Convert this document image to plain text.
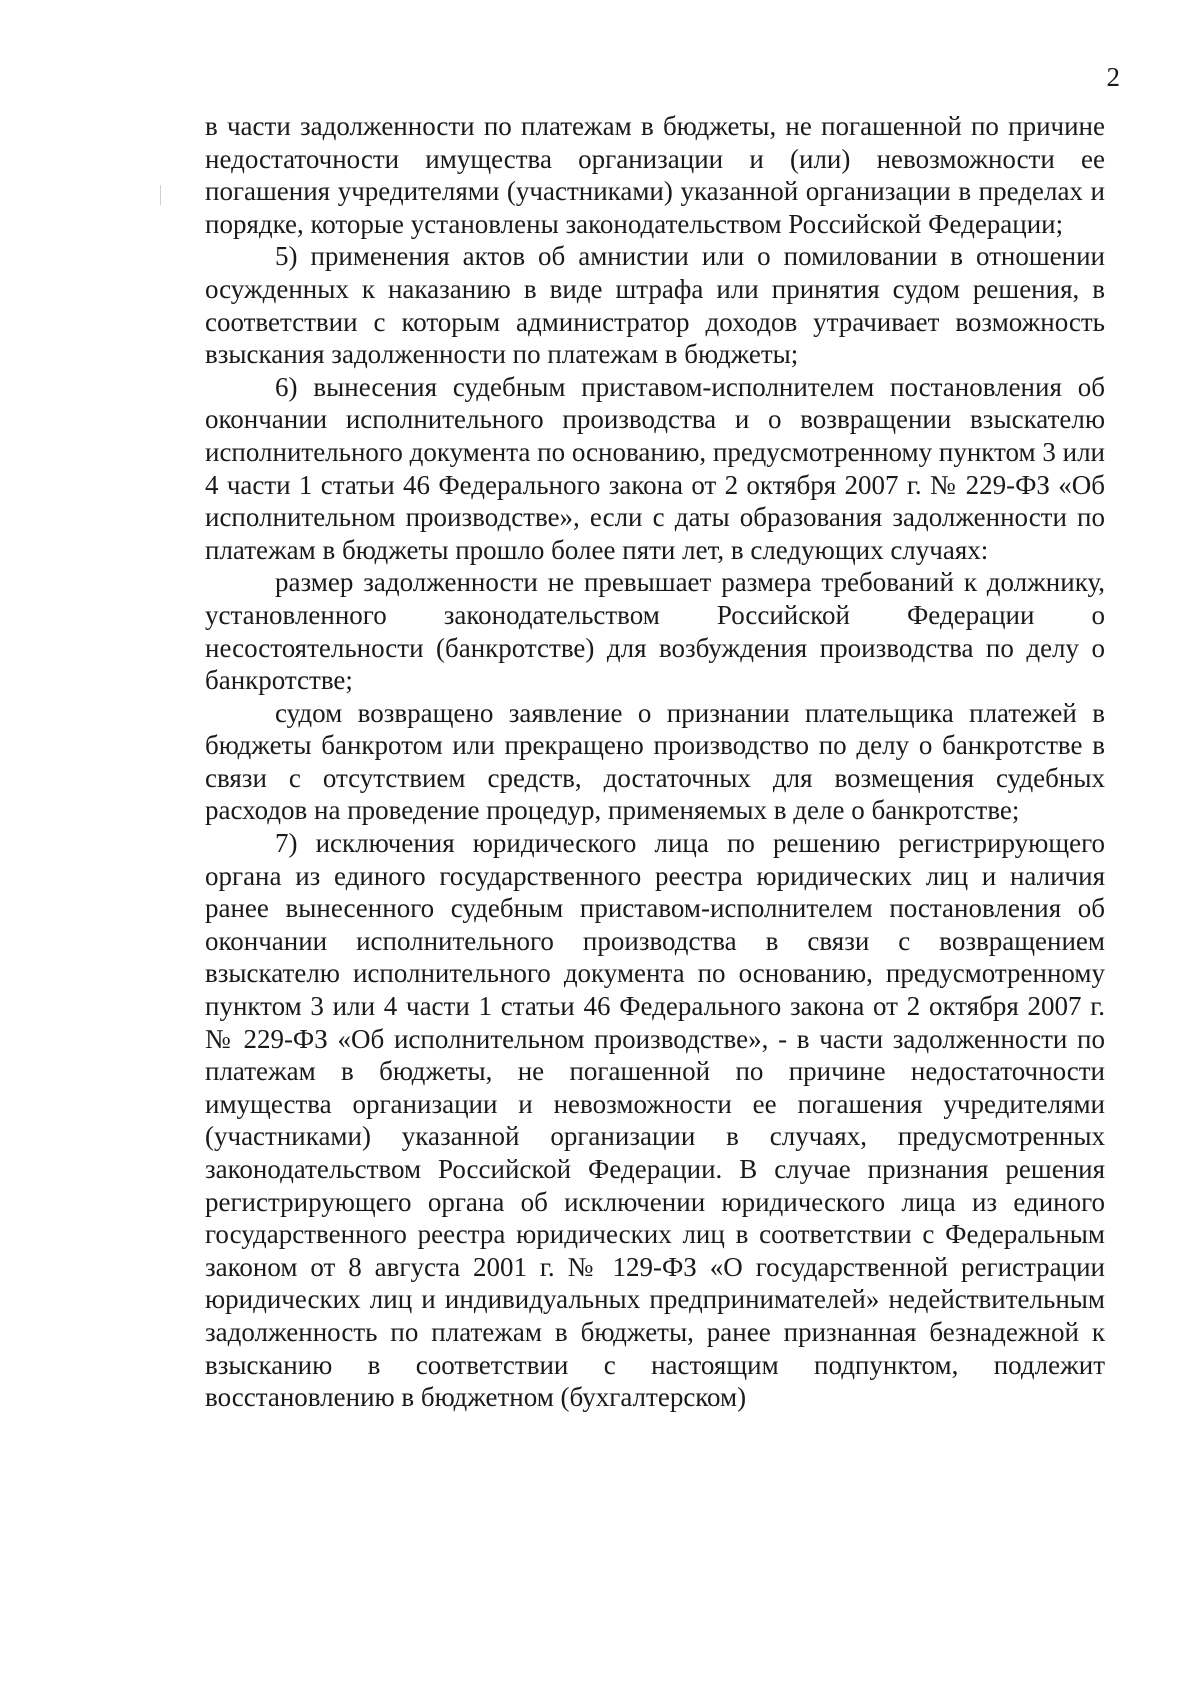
2

в части задолженности по платежам в бюджеты, не погашенной по причине недостаточности имущества организации и (или) невозможности ее погашения учредителями (участниками) указанной организации в пределах и порядке, которые установлены законодательством Российской Федерации;

5) применения актов об амнистии или о помиловании в отношении осужденных к наказанию в виде штрафа или принятия судом решения, в соответствии с которым администратор доходов утрачивает возможность взыскания задолженности по платежам в бюджеты;

6) вынесения судебным приставом-исполнителем постановления об окончании исполнительного производства и о возвращении взыскателю исполнительного документа по основанию, предусмотренному пунктом 3 или 4 части 1 статьи 46 Федерального закона от 2 октября 2007 г. № 229-ФЗ «Об исполнительном производстве», если с даты образования задолженности по платежам в бюджеты прошло более пяти лет, в следующих случаях:

размер задолженности не превышает размера требований к должнику, установленного законодательством Российской Федерации о несостоятельности (банкротстве) для возбуждения производства по делу о банкротстве;

судом возвращено заявление о признании плательщика платежей в бюджеты банкротом или прекращено производство по делу о банкротстве в связи с отсутствием средств, достаточных для возмещения судебных расходов на проведение процедур, применяемых в деле о банкротстве;

7) исключения юридического лица по решению регистрирующего органа из единого государственного реестра юридических лиц и наличия ранее вынесенного судебным приставом-исполнителем постановления об окончании исполнительного производства в связи с возвращением взыскателю исполнительного документа по основанию, предусмотренному пунктом 3 или 4 части 1 статьи 46 Федерального закона от 2 октября 2007 г. № 229-ФЗ «Об исполнительном производстве», - в части задолженности по платежам в бюджеты, не погашенной по причине недостаточности имущества организации и невозможности ее погашения учредителями (участниками) указанной организации в случаях, предусмотренных законодательством Российской Федерации. В случае признания решения регистрирующего органа об исключении юридического лица из единого государственного реестра юридических лиц в соответствии с Федеральным законом от 8 августа 2001 г. № 129-ФЗ «О государственной регистрации юридических лиц и индивидуальных предпринимателей» недействительным задолженность по платежам в бюджеты, ранее признанная безнадежной к взысканию в соответствии с настоящим подпунктом, подлежит восстановлению в бюджетном (бухгалтерском)
